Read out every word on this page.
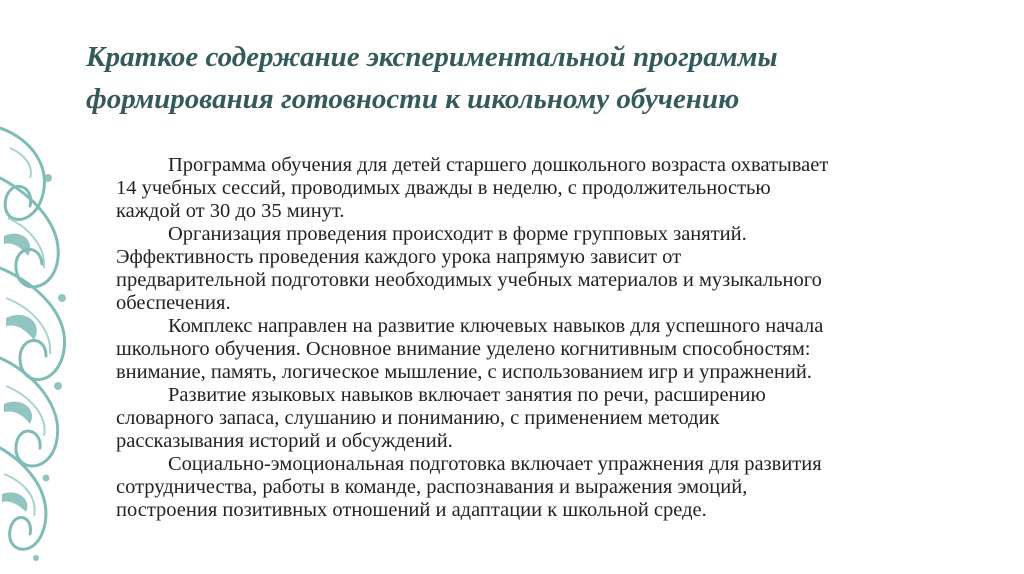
Краткое содержание экспериментальной программы
формирования готовности к школьному обучению

Программа обучения для детей старшего дошкольного возраста охватывает
14 учебных сессий, проводимых дважды в неделю, с продолжительностью
каждой от 30 до 35 минут.

Организация проведения происходит в форме групповых занятий.
Эффективность проведения каждого урока напрямую зависит от
предварительной подготовки необходимых учебных материалов и музыкального
обеспечения.

Комплекс направлен на развитие ключевых навыков для успешного начала
школьного обучения. Основное внимание уделено когнитивным способностям:
внимание, память, логическое мышление, с использованием игр и упражнений.

Развитие языковых навыков включает занятия по речи, расширению
словарного запаса, слушанию и пониманию, с применением методик
рассказывания историй и обсуждений.

Социально-эмоциональная подготовка включает упражнения для развития
сотрудничества, работы в команде, распознавания и выражения эмоций,
построения позитивных отношений и адаптации к школьной среде.
